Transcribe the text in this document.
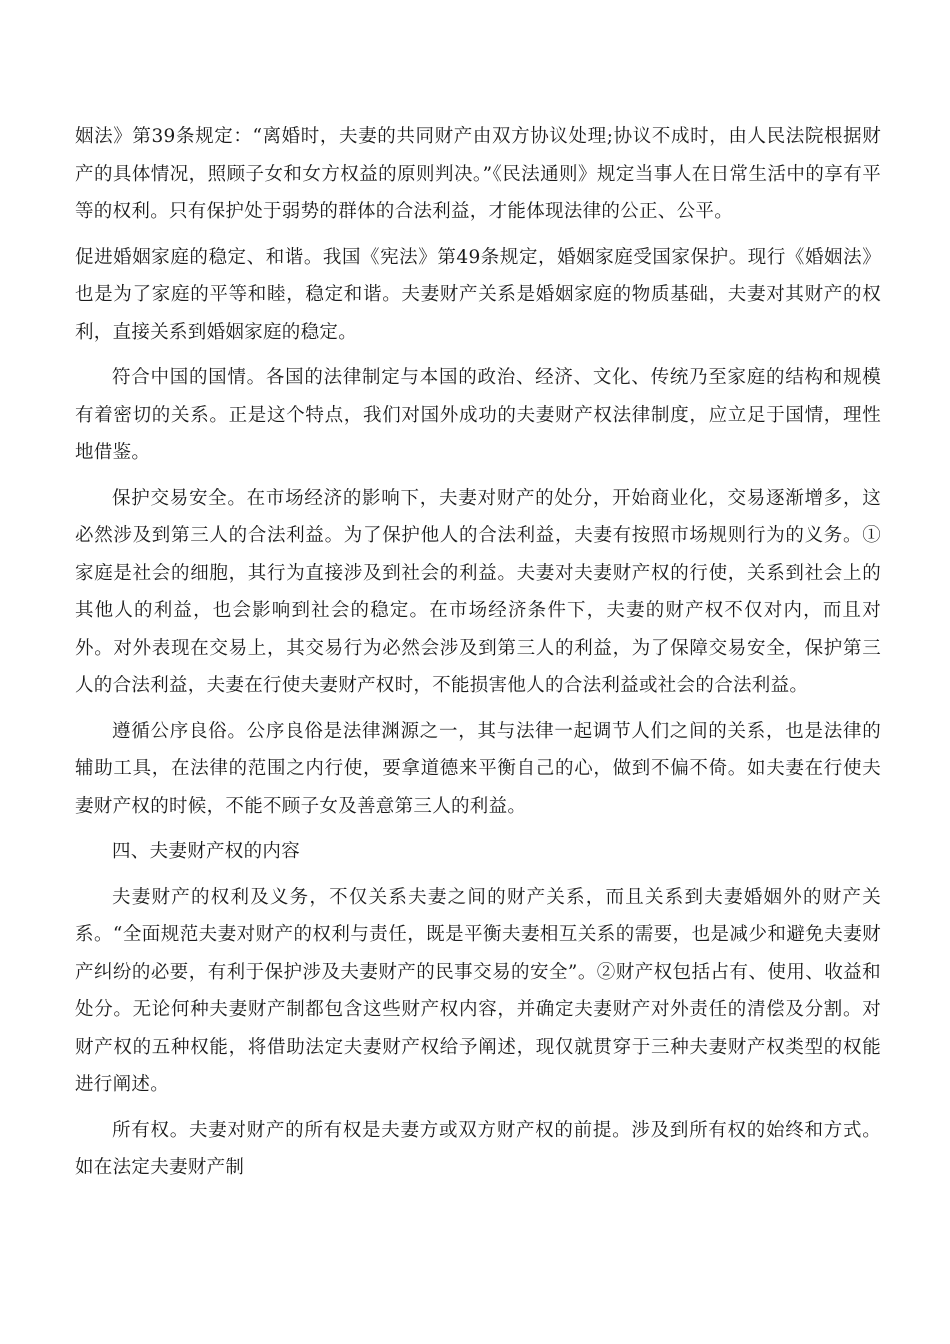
姻法》第39条规定：“离婚时，夫妻的共同财产由双方协议处理;协议不成时，由人民法院根据财产的具体情况，照顾子女和女方权益的原则判决。”《民法通则》规定当事人在日常生活中的享有平等的权利。只有保护处于弱势的群体的合法利益，才能体现法律的公正、公平。

促进婚姻家庭的稳定、和谐。我国《宪法》第49条规定，婚姻家庭受国家保护。现行《婚姻法》也是为了家庭的平等和睦，稳定和谐。夫妻财产关系是婚姻家庭的物质基础，夫妻对其财产的权利，直接关系到婚姻家庭的稳定。

符合中国的国情。各国的法律制定与本国的政治、经济、文化、传统乃至家庭的结构和规模有着密切的关系。正是这个特点，我们对国外成功的夫妻财产权法律制度，应立足于国情，理性地借鉴。

保护交易安全。在市场经济的影响下，夫妻对财产的处分，开始商业化，交易逐渐增多，这必然涉及到第三人的合法利益。为了保护他人的合法利益，夫妻有按照市场规则行为的义务。①家庭是社会的细胞，其行为直接涉及到社会的利益。夫妻对夫妻财产权的行使，关系到社会上的其他人的利益，也会影响到社会的稳定。在市场经济条件下，夫妻的财产权不仅对内，而且对外。对外表现在交易上，其交易行为必然会涉及到第三人的利益，为了保障交易安全，保护第三人的合法利益，夫妻在行使夫妻财产权时，不能损害他人的合法利益或社会的合法利益。

遵循公序良俗。公序良俗是法律渊源之一，其与法律一起调节人们之间的关系，也是法律的辅助工具，在法律的范围之内行使，要拿道德来平衡自己的心，做到不偏不倚。如夫妻在行使夫妻财产权的时候，不能不顾子女及善意第三人的利益。

四、夫妻财产权的内容

夫妻财产的权利及义务，不仅关系夫妻之间的财产关系，而且关系到夫妻婚姻外的财产关系。“全面规范夫妻对财产的权利与责任，既是平衡夫妻相互关系的需要，也是减少和避免夫妻财产纠纷的必要，有利于保护涉及夫妻财产的民事交易的安全”。②财产权包括占有、使用、收益和处分。无论何种夫妻财产制都包含这些财产权内容，并确定夫妻财产对外责任的清偿及分割。对财产权的五种权能，将借助法定夫妻财产权给予阐述，现仅就贯穿于三种夫妻财产权类型的权能进行阐述。

所有权。夫妻对财产的所有权是夫妻方或双方财产权的前提。涉及到所有权的始终和方式。如在法定夫妻财产制
